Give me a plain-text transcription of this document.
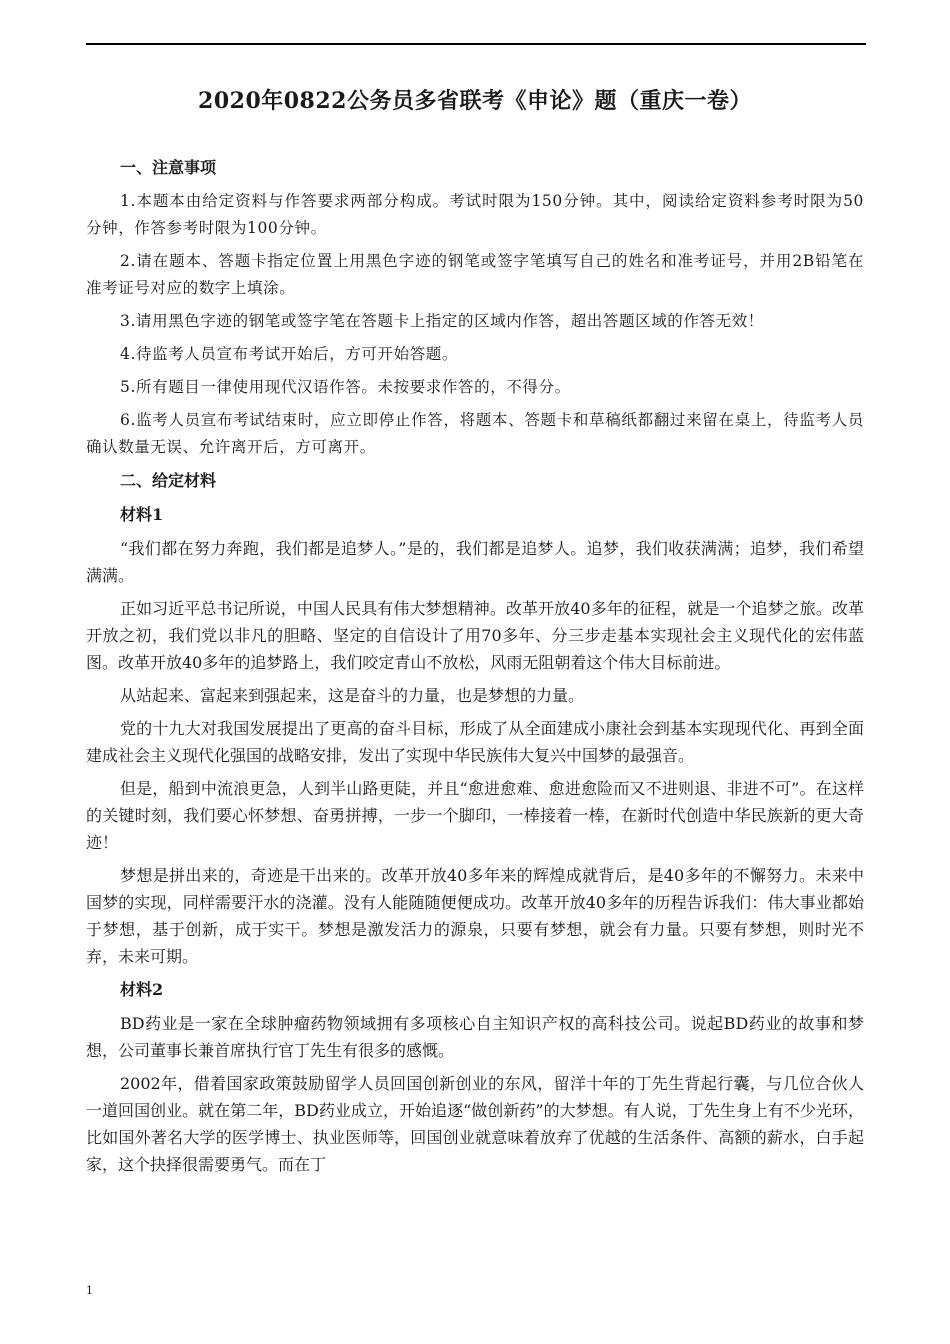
2020年0822公务员多省联考《申论》题（重庆一卷）
一、注意事项

1.本题本由给定资料与作答要求两部分构成。考试时限为150分钟。其中，阅读给定资料参考时限为50分钟，作答参考时限为100分钟。

2.请在题本、答题卡指定位置上用黑色字迹的钢笔或签字笔填写自己的姓名和准考证号，并用2B铅笔在准考证号对应的数字上填涂。

3.请用黑色字迹的钢笔或签字笔在答题卡上指定的区域内作答，超出答题区域的作答无效！

4.待监考人员宣布考试开始后，方可开始答题。

5.所有题目一律使用现代汉语作答。未按要求作答的，不得分。

6.监考人员宣布考试结束时，应立即停止作答，将题本、答题卡和草稿纸都翻过来留在桌上，待监考人员确认数量无误、允许离开后，方可离开。

二、给定材料
材料1

“我们都在努力奔跑，我们都是追梦人。”是的，我们都是追梦人。追梦，我们收获满满；追梦，我们希望满满。

正如习近平总书记所说，中国人民具有伟大梦想精神。改革开放40多年的征程，就是一个追梦之旅。改革开放之初，我们党以非凡的胆略、坚定的自信设计了用70多年、分三步走基本实现社会主义现代化的宏伟蓝图。改革开放40多年的追梦路上，我们咬定青山不放松，风雨无阻朝着这个伟大目标前进。

从站起来、富起来到强起来，这是奋斗的力量，也是梦想的力量。

党的十九大对我国发展提出了更高的奋斗目标，形成了从全面建成小康社会到基本实现现代化、再到全面建成社会主义现代化强国的战略安排，发出了实现中华民族伟大复兴中国梦的最强音。

但是，船到中流浪更急，人到半山路更陡，并且“愈进愈难、愈进愈险而又不进则退、非进不可”。在这样的关键时刻，我们要心怀梦想、奋勇拼搏，一步一个脚印，一棒接着一棒，在新时代创造中华民族新的更大奇迹！

梦想是拼出来的，奇迹是干出来的。改革开放40多年来的辉煌成就背后，是40多年的不懈努力。未来中国梦的实现，同样需要汗水的浇灌。没有人能随随便便成功。改革开放40多年的历程告诉我们：伟大事业都始于梦想，基于创新，成于实干。梦想是激发活力的源泉，只要有梦想，就会有力量。只要有梦想，则时光不弃，未来可期。

材料2

BD药业是一家在全球肿瘤药物领域拥有多项核心自主知识产权的高科技公司。说起BD药业的故事和梦想，公司董事长兼首席执行官丁先生有很多的感慨。

2002年，借着国家政策鼓励留学人员回国创新创业的东风，留洋十年的丁先生背起行囊，与几位合伙人一道回国创业。就在第二年，BD药业成立，开始追逐“做创新药”的大梦想。有人说，丁先生身上有不少光环，比如国外著名大学的医学博士、执业医师等，回国创业就意味着放弃了优越的生活条件、高额的薪水，白手起家，这个抉择很需要勇气。而在丁

1
